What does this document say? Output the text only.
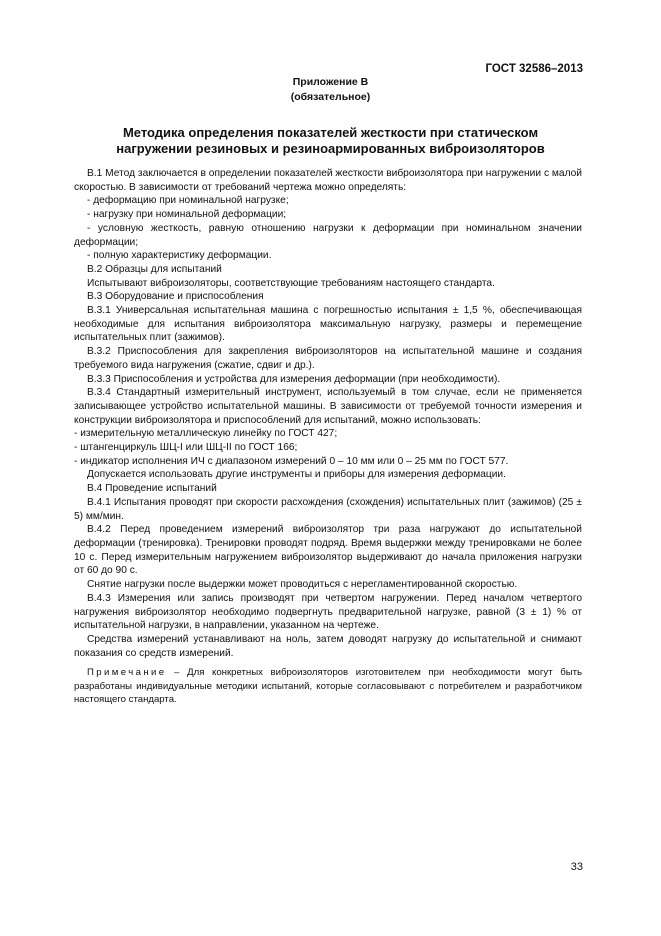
ГОСТ 32586–2013
Приложение В
(обязательное)
Методика определения показателей жесткости при статическом
нагружении резиновых и резиноармированных виброизоляторов

В.1 Метод заключается в определении показателей жесткости виброизолятора при нагружении с малой скоростью. В зависимости от требований чертежа можно определять:

- деформацию при номинальной нагрузке;

- нагрузку при номинальной деформации;

- условную жесткость, равную отношению нагрузки к деформации при номинальном значении деформации;

- полную характеристику деформации.

В.2 Образцы для испытаний

Испытывают виброизоляторы, соответствующие требованиям настоящего стандарта.

В.3 Оборудование и приспособления

В.3.1 Универсальная испытательная машина с погрешностью испытания ± 1,5 %, обеспечивающая необходимые для испытания виброизолятора максимальную нагрузку, размеры и перемещение испытательных плит (зажимов).

В.3.2 Приспособления для закрепления виброизоляторов на испытательной машине и создания требуемого вида нагружения (сжатие, сдвиг и др.).

В.3.3 Приспособления и устройства для измерения деформации (при необходимости).

В.3.4 Стандартный измерительный инструмент, используемый в том случае, если не применяется записывающее устройство испытательной машины. В зависимости от требуемой точности измерения и конструкции виброизолятора и приспособлений для испытаний, можно использовать:

- измерительную металлическую линейку по ГОСТ 427;

- штангенциркуль ШЦ-I или ШЦ-II по ГОСТ 166;

- индикатор исполнения ИЧ с диапазоном измерений 0 – 10 мм или 0 – 25 мм по ГОСТ 577.

Допускается использовать другие инструменты и приборы для измерения деформации.

В.4 Проведение испытаний

В.4.1 Испытания проводят при скорости расхождения (схождения) испытательных плит (зажимов) (25 ± 5) мм/мин.

В.4.2 Перед проведением измерений виброизолятор три раза нагружают до испытательной деформации (тренировка). Тренировки проводят подряд. Время выдержки между тренировками не более 10 с. Перед измерительным нагружением виброизолятор выдерживают до начала приложения нагрузки от 60 до 90 с.

Снятие нагрузки после выдержки может проводиться с нерегламентированной скоростью.

В.4.3 Измерения или запись производят при четвертом нагружении. Перед началом четвертого нагружения виброизолятор необходимо подвергнуть предварительной нагрузке, равной (3 ± 1) % от испытательной нагрузки, в направлении, указанном на чертеже.

Средства измерений устанавливают на ноль, затем доводят нагрузку до испытательной и снимают показания со средств измерений.

Примечание – Для конкретных виброизоляторов изготовителем при необходимости могут быть разработаны индивидуальные методики испытаний, которые согласовывают с потребителем и разработчиком настоящего стандарта.

33
